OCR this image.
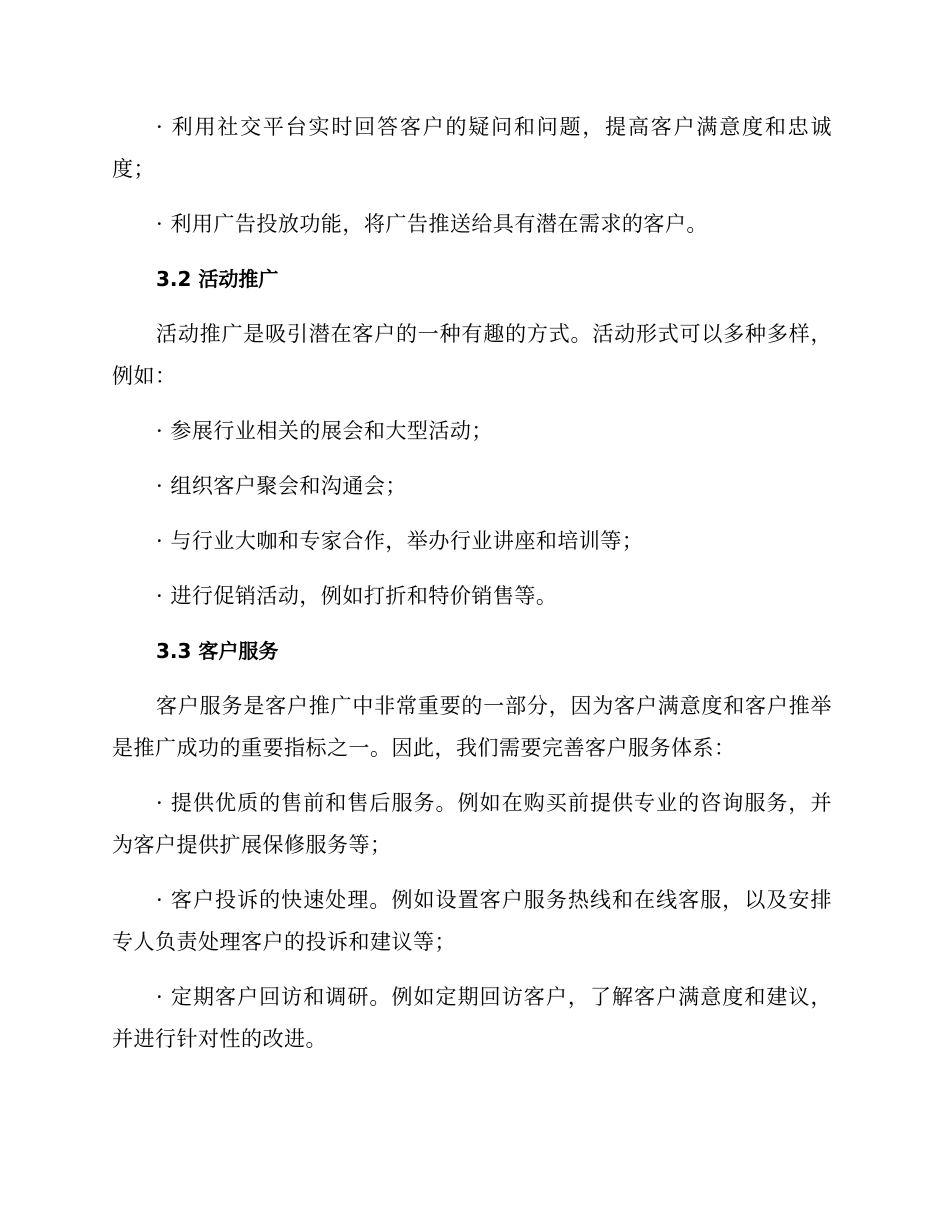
· 利用社交平台实时回答客户的疑问和问题，提高客户满意度和忠诚度；

· 利用广告投放功能，将广告推送给具有潜在需求的客户。

3.2 活动推广

活动推广是吸引潜在客户的一种有趣的方式。活动形式可以多种多样，例如：

· 参展行业相关的展会和大型活动；

· 组织客户聚会和沟通会；

· 与行业大咖和专家合作，举办行业讲座和培训等；

· 进行促销活动，例如打折和特价销售等。

3.3 客户服务

客户服务是客户推广中非常重要的一部分，因为客户满意度和客户推举是推广成功的重要指标之一。因此，我们需要完善客户服务体系：

· 提供优质的售前和售后服务。例如在购买前提供专业的咨询服务，并为客户提供扩展保修服务等；

· 客户投诉的快速处理。例如设置客户服务热线和在线客服，以及安排专人负责处理客户的投诉和建议等；

· 定期客户回访和调研。例如定期回访客户，了解客户满意度和建议，并进行针对性的改进。
